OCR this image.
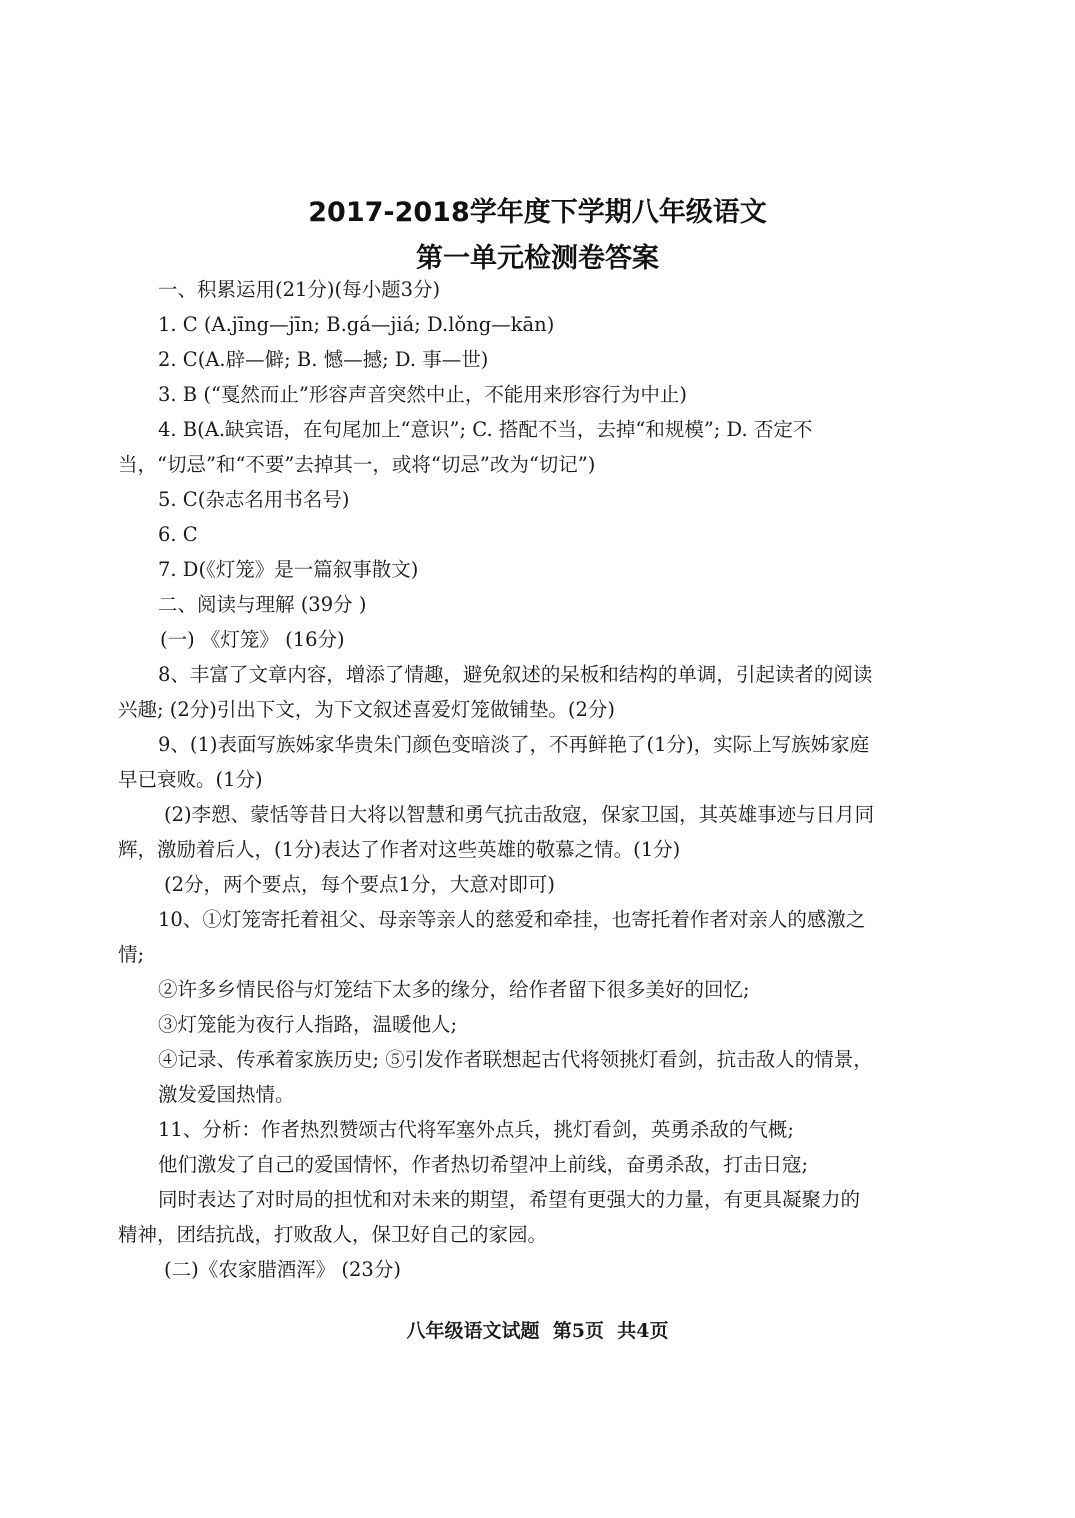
2017-2018学年度下学期八年级语文
第一单元检测卷答案
一、积累运用(21分)(每小题3分)
1. C (A.jīng—jīn; B.gá—jiá; D.lǒng—kān)
2. C(A.辟—僻; B. 憾—撼; D. 事—世)
3. B (“戛然而止”形容声音突然中止，不能用来形容行为中止)
4. B(A.缺宾语，在句尾加上“意识”; C. 搭配不当，去掉“和规模”; D. 否定不
当，“切忌”和“不要”去掉其一，或将“切忌”改为“切记”)
5. C(杂志名用书名号)
6. C
7. D(《灯笼》是一篇叙事散文)
二、阅读与理解 (39分 )
(一) 《灯笼》 (16分)
8、丰富了文章内容，增添了情趣，避免叙述的呆板和结构的单调，引起读者的阅读
兴趣; (2分)引出下文，为下文叙述喜爱灯笼做铺垫。(2分)
9、(1)表面写族姊家华贵朱门颜色变暗淡了，不再鲜艳了(1分)，实际上写族姊家庭
早已衰败。(1分)
(2)李愬、蒙恬等昔日大将以智慧和勇气抗击敌寇，保家卫国，其英雄事迹与日月同
辉，激励着后人，(1分)表达了作者对这些英雄的敬慕之情。(1分)
(2分，两个要点，每个要点1分，大意对即可)
10、①灯笼寄托着祖父、母亲等亲人的慈爱和牵挂，也寄托着作者对亲人的感激之
情;
②许多乡情民俗与灯笼结下太多的缘分，给作者留下很多美好的回忆;
③灯笼能为夜行人指路，温暖他人;
④记录、传承着家族历史; ⑤引发作者联想起古代将领挑灯看剑，抗击敌人的情景，
激发爱国热情。
11、分析：作者热烈赞颂古代将军塞外点兵，挑灯看剑，英勇杀敌的气概;
他们激发了自己的爱国情怀，作者热切希望冲上前线，奋勇杀敌，打击日寇;
同时表达了对时局的担忧和对未来的期望，希望有更强大的力量，有更具凝聚力的
精神，团结抗战，打败敌人，保卫好自己的家园。
(二)《农家腊酒浑》 (23分)
八年级语文试题  第5页  共4页
